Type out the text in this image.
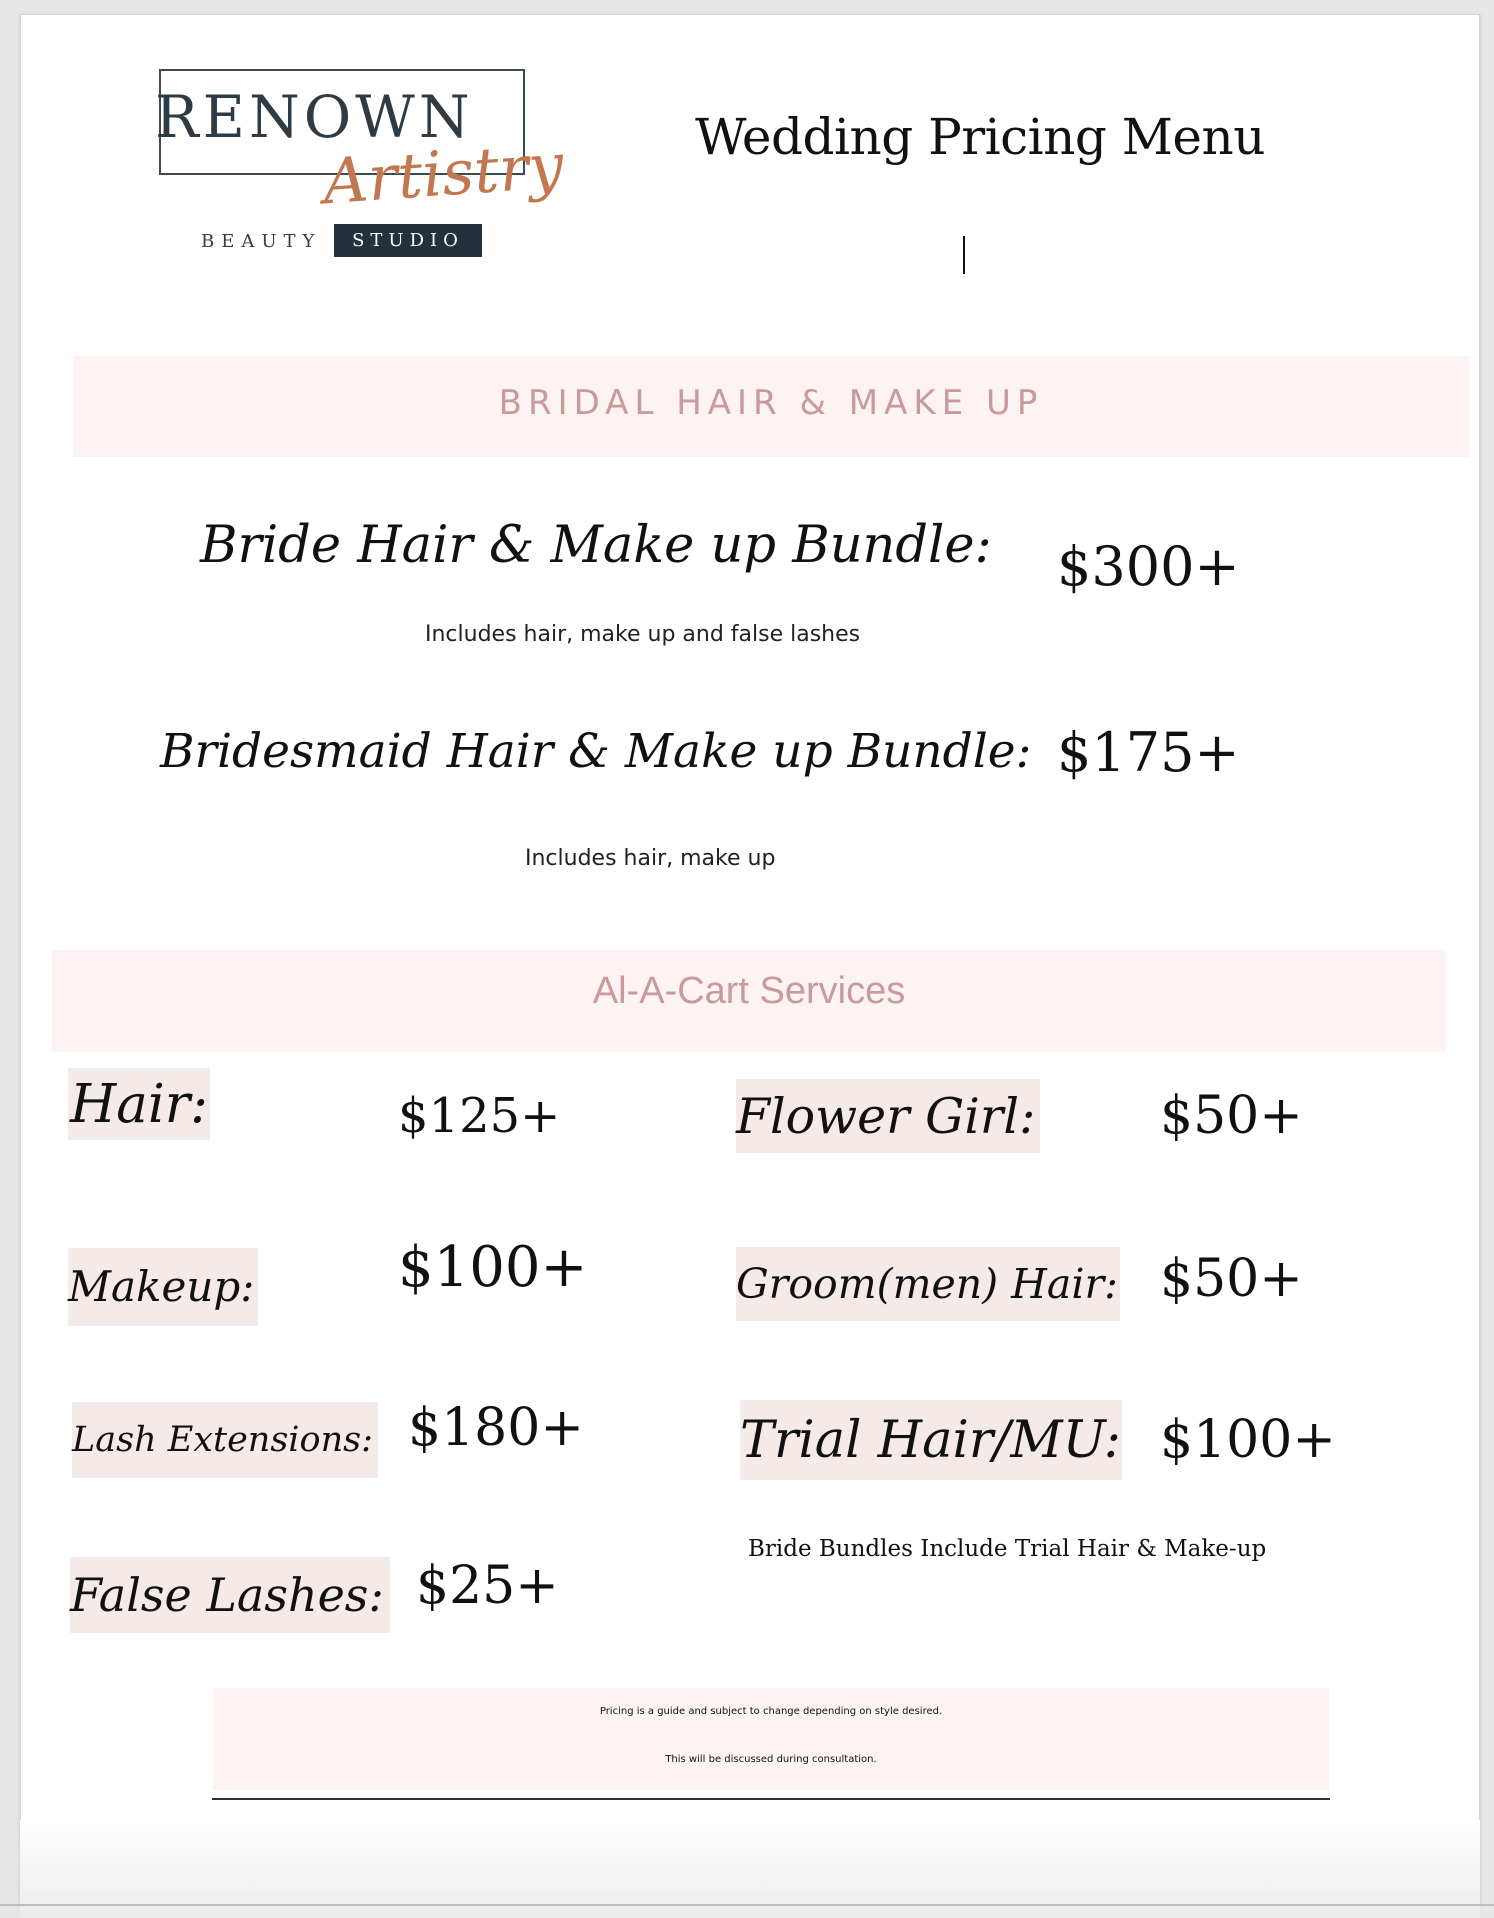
RENOWN
Artistry
BEAUTY	STUDIO
Wedding Pricing Menu
BRIDAL HAIR & MAKE UP
Bride Hair & Make up Bundle: $300+
Includes hair, make up and false lashes
Bridesmaid Hair & Make up Bundle: $175+
Includes hair, make up
Al-A-Cart Services
Hair:	$125+
Makeup:	$100+
Lash Extensions: $180+
False Lashes: $25+
Flower Girl: $50+
Groom(men) Hair: $50+
Trial Hair/MU: $100+
Bride Bundles Include Trial Hair & Make-up
Pricing is a guide and subject to change depending on style desired.
This will be discussed during consultation.
